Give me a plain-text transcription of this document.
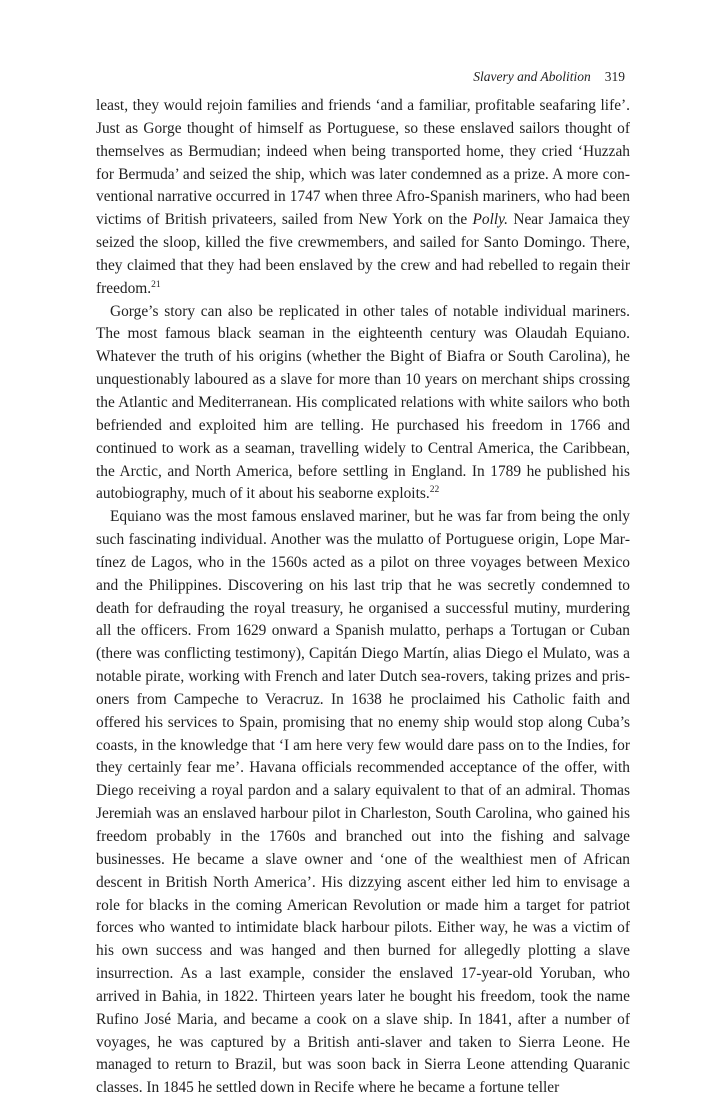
Slavery and Abolition 319

least, they would rejoin families and friends ‘and a familiar, profitable seafaring life’. Just as Gorge thought of himself as Portuguese, so these enslaved sailors thought of themselves as Bermudian; indeed when being transported home, they cried ‘Huzzah for Bermuda’ and seized the ship, which was later condemned as a prize. A more conventional narrative occurred in 1747 when three Afro-Spanish mariners, who had been victims of British privateers, sailed from New York on the Polly. Near Jamaica they seized the sloop, killed the five crewmembers, and sailed for Santo Domingo. There, they claimed that they had been enslaved by the crew and had rebelled to regain their freedom.$^{21}$

Gorge’s story can also be replicated in other tales of notable individual mariners. The most famous black seaman in the eighteenth century was Olaudah Equiano. Whatever the truth of his origins (whether the Bight of Biafra or South Carolina), he unquestionably laboured as a slave for more than 10 years on merchant ships crossing the Atlantic and Mediterranean. His complicated relations with white sailors who both befriended and exploited him are telling. He purchased his freedom in 1766 and continued to work as a seaman, travelling widely to Central America, the Caribbean, the Arctic, and North America, before settling in England. In 1789 he published his autobiography, much of it about his seaborne exploits.$^{22}$

Equiano was the most famous enslaved mariner, but he was far from being the only such fascinating individual. Another was the mulatto of Portuguese origin, Lope Martínez de Lagos, who in the 1560s acted as a pilot on three voyages between Mexico and the Philippines. Discovering on his last trip that he was secretly condemned to death for defrauding the royal treasury, he organised a successful mutiny, murdering all the officers. From 1629 onward a Spanish mulatto, perhaps a Tortugan or Cuban (there was conflicting testimony), Capitán Diego Martín, alias Diego el Mulato, was a notable pirate, working with French and later Dutch sea-rovers, taking prizes and prisoners from Campeche to Veracruz. In 1638 he proclaimed his Catholic faith and offered his services to Spain, promising that no enemy ship would stop along Cuba’s coasts, in the knowledge that ‘I am here very few would dare pass on to the Indies, for they certainly fear me’. Havana officials recommended acceptance of the offer, with Diego receiving a royal pardon and a salary equivalent to that of an admiral. Thomas Jeremiah was an enslaved harbour pilot in Charleston, South Carolina, who gained his freedom probably in the 1760s and branched out into the fishing and salvage businesses. He became a slave owner and ‘one of the wealthiest men of African descent in British North America’. His dizzying ascent either led him to envisage a role for blacks in the coming American Revolution or made him a target for patriot forces who wanted to intimidate black harbour pilots. Either way, he was a victim of his own success and was hanged and then burned for allegedly plotting a slave insurrection. As a last example, consider the enslaved 17-year-old Yoruban, who arrived in Bahia, in 1822. Thirteen years later he bought his freedom, took the name Rufino José Maria, and became a cook on a slave ship. In 1841, after a number of voyages, he was captured by a British anti-slaver and taken to Sierra Leone. He managed to return to Brazil, but was soon back in Sierra Leone attending Quaranic classes. In 1845 he settled down in Recife where he became a fortune teller
